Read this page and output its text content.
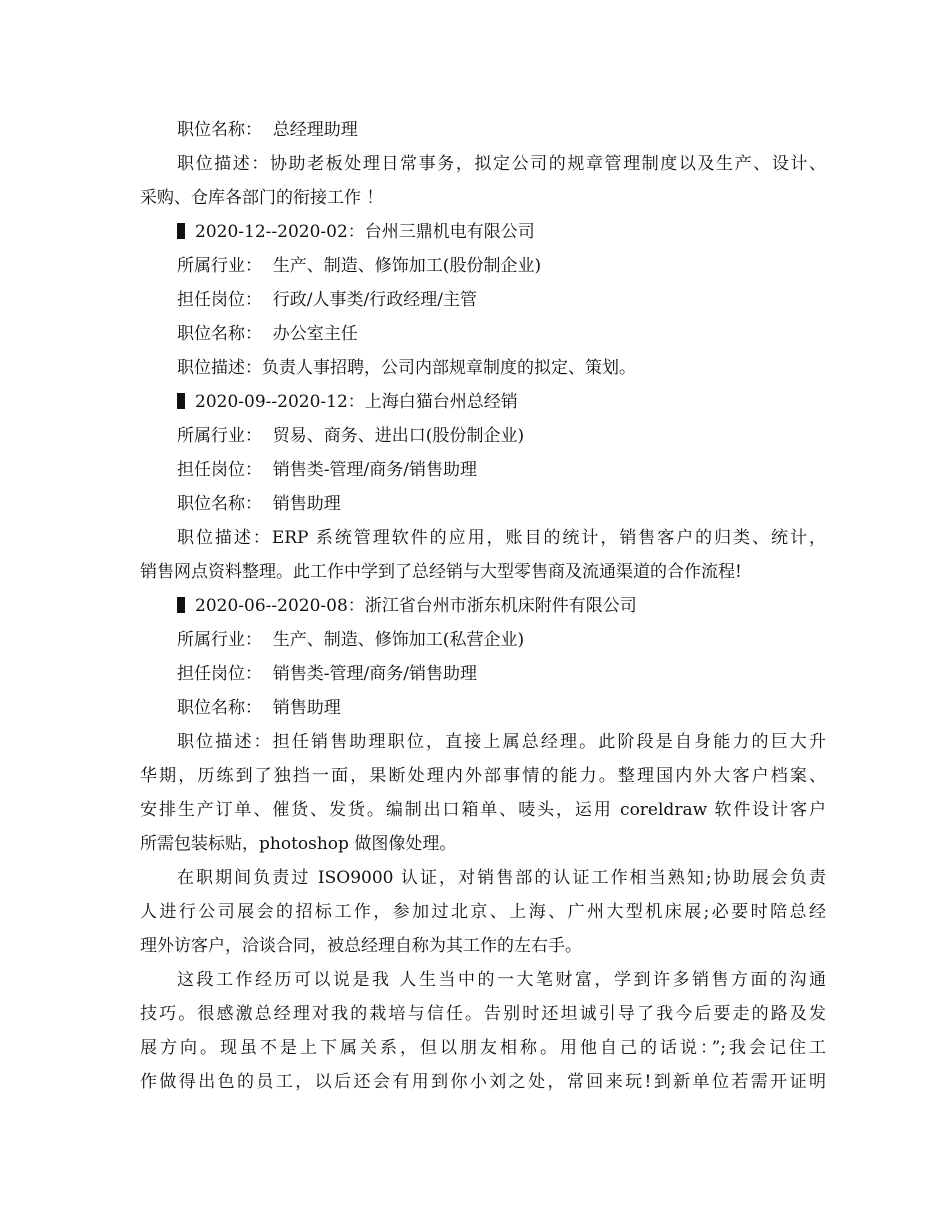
职位名称：  总经理助理
职位描述：协助老板处理日常事务，拟定公司的规章管理制度以及生产、设计、
采购、仓库各部门的衔接工作 ！
2020-12--2020-02：台州三鼎机电有限公司
所属行业：  生产、制造、修饰加工(股份制企业)
担任岗位：  行政/人事类/行政经理/主管
职位名称：  办公室主任
职位描述：负责人事招聘，公司内部规章制度的拟定、策划。
2020-09--2020-12：上海白猫台州总经销
所属行业：  贸易、商务、进出口(股份制企业)
担任岗位：  销售类-管理/商务/销售助理
职位名称：  销售助理
职位描述：ERP 系统管理软件的应用，账目的统计，销售客户的归类、统计，
销售网点资料整理。此工作中学到了总经销与大型零售商及流通渠道的合作流程!
2020-06--2020-08：浙江省台州市浙东机床附件有限公司
所属行业：  生产、制造、修饰加工(私营企业)
担任岗位：  销售类-管理/商务/销售助理
职位名称：  销售助理
职位描述：担任销售助理职位，直接上属总经理。此阶段是自身能力的巨大升
华期，历练到了独挡一面，果断处理内外部事情的能力。整理国内外大客户档案、
安排生产订单、催货、发货。编制出口箱单、唛头，运用 coreldraw 软件设计客户
所需包装标贴，photoshop 做图像处理。
在职期间负责过 ISO9000 认证，对销售部的认证工作相当熟知;协助展会负责
人进行公司展会的招标工作，参加过北京、上海、广州大型机床展;必要时陪总经
理外访客户，洽谈合同，被总经理自称为其工作的左右手。
这段工作经历可以说是我 人生当中的一大笔财富，学到许多销售方面的沟通
技巧。很感激总经理对我的栽培与信任。告别时还坦诚引导了我今后要走的路及发
展方向。现虽不是上下属关系，但以朋友相称。用他自己的话说：”;我会记住工
作做得出色的员工，以后还会有用到你小刘之处，常回来玩!到新单位若需开证明
